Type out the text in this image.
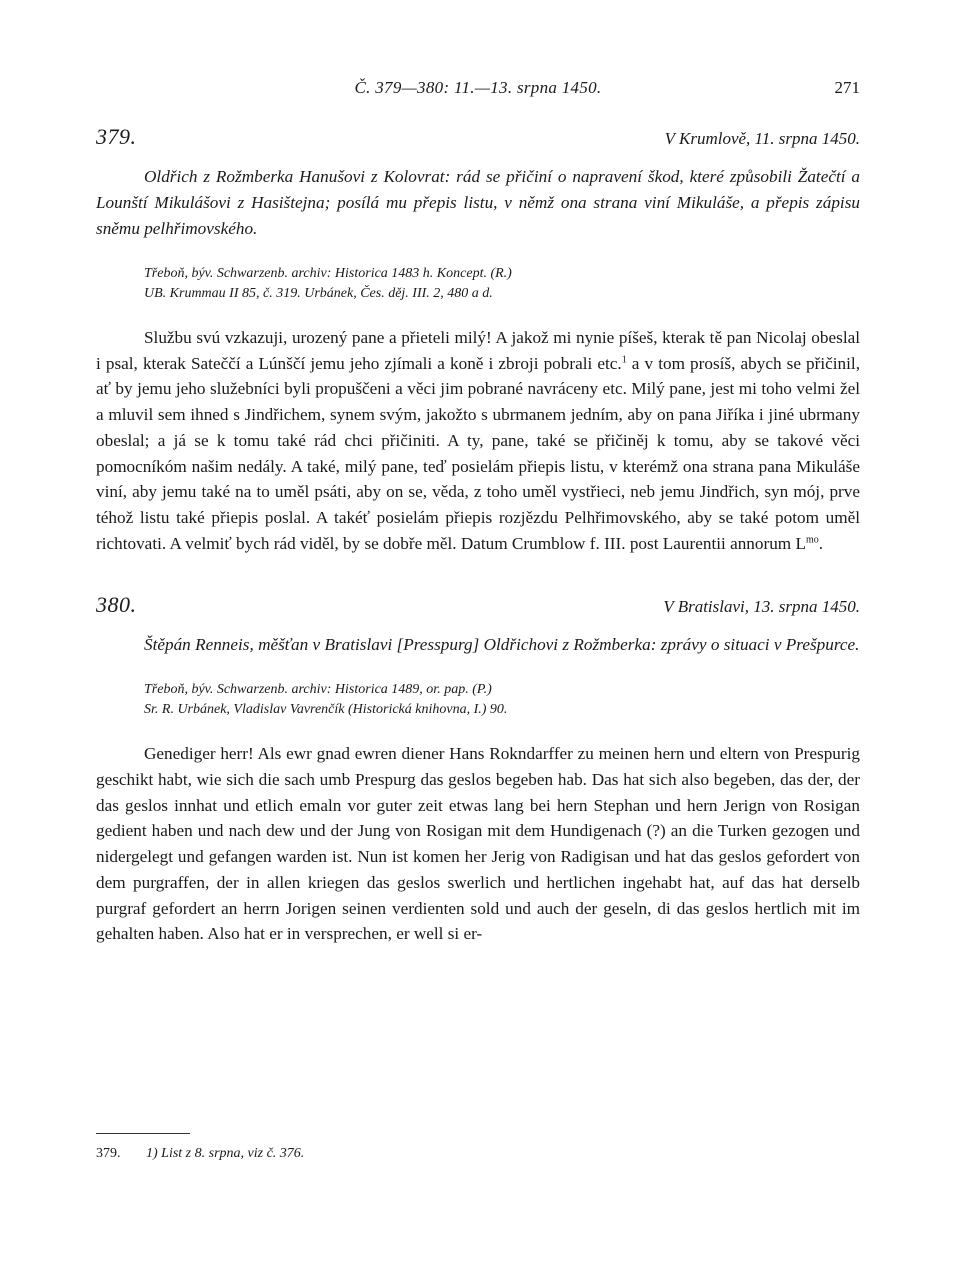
Č. 379—380: 11.—13. srpna 1450.	271
379.	V Krumlově, 11. srpna 1450.

Oldřich z Rožmberka Hanušovi z Kolovrat: rád se přičiní o napravení škod, které způsobili Žatečtí a Lounští Mikulášovi z Hasištejna; posílá mu přepis listu, v němž ona strana viní Mikuláše, a přepis zápisu sněmu pelhřimovského.

Třeboň, býv. Schwarzenb. archiv: Historica 1483 h. Koncept. (R.)
UB. Krummau II 85, č. 319. Urbánek, Čes. děj. III. 2, 480 a d.

Službu svú vzkazuji, urozený pane a přieteli milý! A jakož mi nynie píšeš, kterak tě pan Nicolaj obeslal i psal, kterak Sateččí a Lúnščí jemu jeho zjímali a koně i zbroji pobrali etc.$^1$ a v tom prosíš, abych se přičinil, ať by jemu jeho služebníci byli propuščeni a věci jim pobrané navráceny etc. Milý pane, jest mi toho velmi žel a mluvil sem ihned s Jindřichem, synem svým, jakožto s ubrmanem jedním, aby on pana Jiříka i jiné ubrmany obeslal; a já se k tomu také rád chci přičiniti. A ty, pane, také se přičiněj k tomu, aby se takové věci pomocníkóm našim nedály. A také, milý pane, teď posielám přiepis listu, v kterémž ona strana pana Mikuláše viní, aby jemu také na to uměl psáti, aby on se, věda, z toho uměl vystřieci, neb jemu Jindřich, syn mój, prve téhož listu také přiepis poslal. A takéť posielám přiepis rozjězdu Pelhřimovského, aby se také potom uměl richtovati. A velmiť bych rád viděl, by se dobře měl. Datum Crumblow f. III. post Laurentii annorum $L^{mo}$.

380.	V Bratislavi, 13. srpna 1450.

Štěpán Renneis, měšťan v Bratislavi [Presspurg] Oldřichovi z Rožmberka: zprávy o situaci v Prešpurce.

Třeboň, býv. Schwarzenb. archiv: Historica 1489, or. pap. (P.)
Sr. R. Urbánek, Vladislav Vavrenčík (Historická knihovna, I.) 90.

Genediger herr! Als ewr gnad ewren diener Hans Rokndarffer zu meinen hern und eltern von Prespurig geschikt habt, wie sich die sach umb Prespurg das geslos begeben hab. Das hat sich also begeben, das der, der das geslos innhat und etlich emaln vor guter zeit etwas lang bei hern Stephan und hern Jerign von Rosigan gedient haben und nach dew und der Jung von Rosigan mit dem Hundigenach (?) an die Turken gezogen und nidergelegt und gefangen warden ist. Nun ist komen her Jerig von Radigisan und hat das geslos gefordert von dem purgraffen, der in allen kriegen das geslos swerlich und hertlichen ingehabt hat, auf das hat derselb purgraf gefordert an herrn Jorigen seinen verdienten sold und auch der geseln, di das geslos hertlich mit im gehalten haben. Also hat er in versprechen, er well si er-

379. 1) List z 8. srpna, viz č. 376.
